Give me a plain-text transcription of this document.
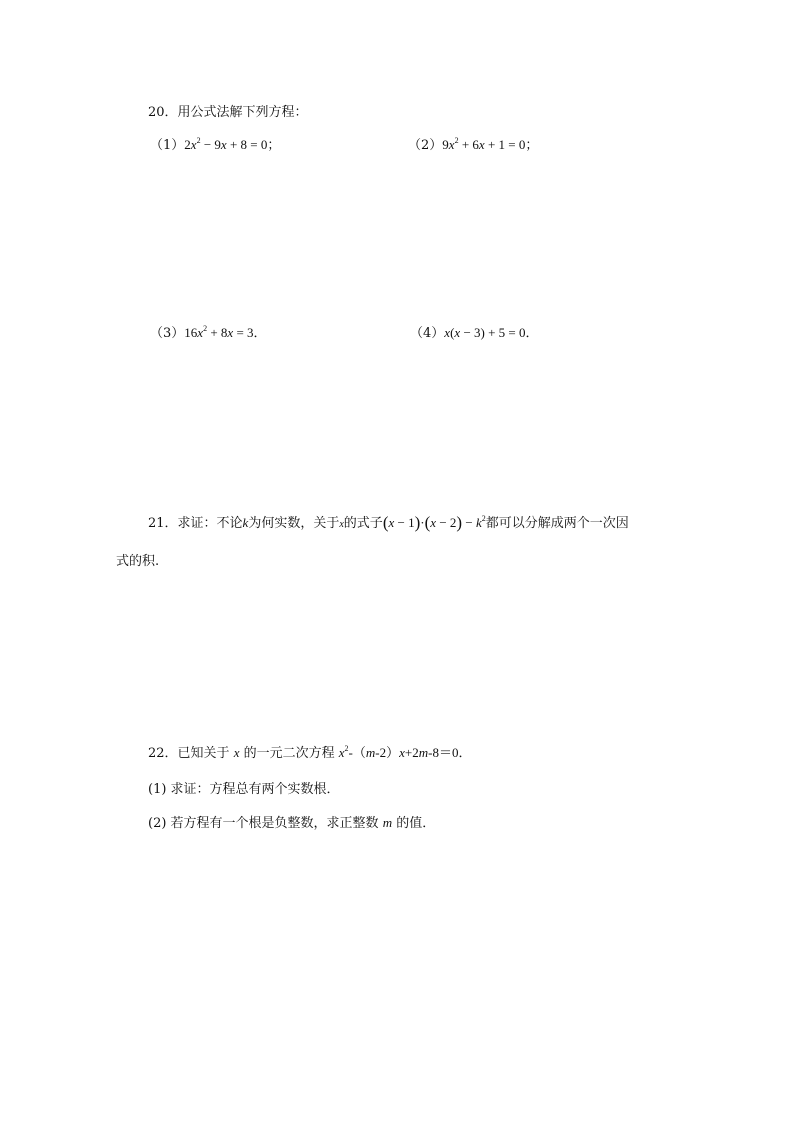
20．用公式法解下列方程：
$(1)2x^2 - 9x + 8 = 0$；	$(2)9x^2 + 6x + 1 = 0$；
$(3)16x^2 + 8x = 3$．	（4）x(x − 3) + 5 = 0．
21．求证：不论k为何实数，关于x的式子$(x - 1)\cdot(x - 2) - k^2$都可以分解成两个一次因
式的积.
22．已知关于 x 的一元二次方程 $x^2-(m-2)x+2m-8=0$．
(1) 求证：方程总有两个实数根．
(2) 若方程有一个根是负整数，求正整数 m 的值．
